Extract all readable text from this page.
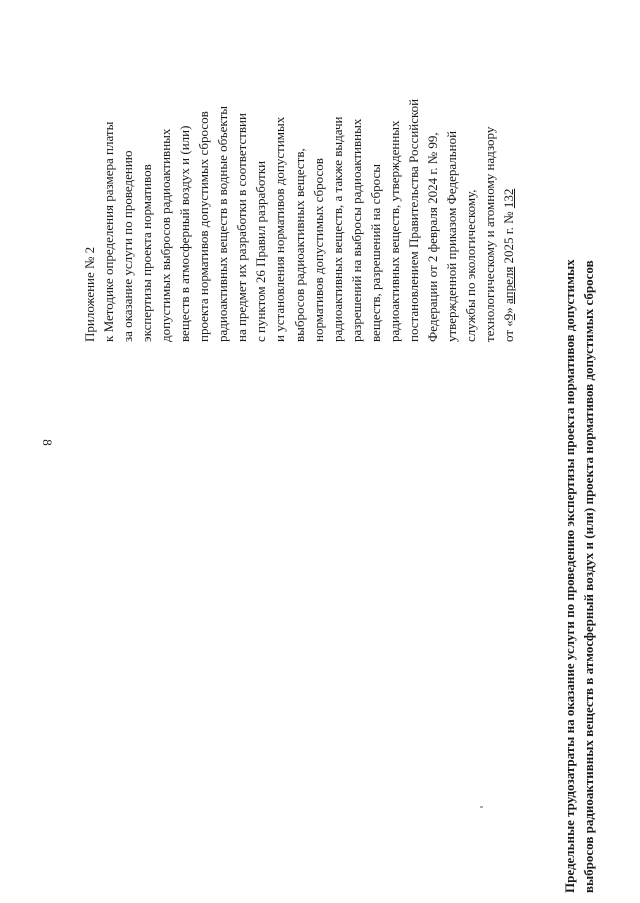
8
Приложение № 2 к Методике определения размера платы за оказание услуги по проведению экспертизы проекта нормативов допустимых выбросов радиоактивных веществ в атмосферный воздух и (или) проекта нормативов допустимых сбросов радиоактивных веществ в водные объекты на предмет их разработки в соответствии с пунктом 26 Правил разработки и установления нормативов допустимых выбросов радиоактивных веществ, нормативов допустимых сбросов радиоактивных веществ, а также выдачи разрешений на выбросы радиоактивных веществ, разрешений на сбросы радиоактивных веществ, утвержденных постановлением Правительства Российской Федерации от 2 февраля 2024 г. № 99, утвержденной приказом Федеральной службы по экологическому, технологическому и атомному надзору от «9» апреля 2025 г. № 132
Предельные трудозатраты на оказание услуги по проведению экспертизы проекта нормативов допустимых выбросов радиоактивных веществ в атмосферный воздух и (или) проекта нормативов допустимых сбросов
